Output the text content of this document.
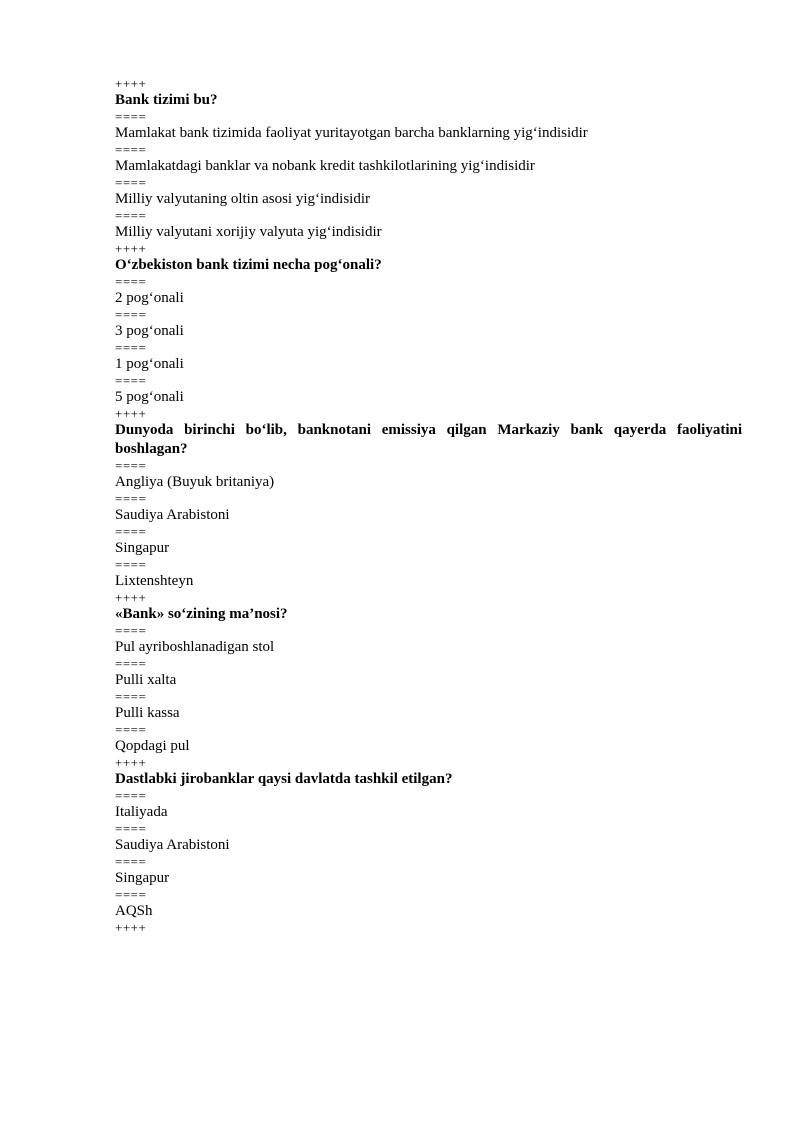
++++
Bank tizimi bu?
====
Mamlakat bank tizimida faoliyat yuritayotgan barcha banklarning yig‘indisidir
====
Mamlakatdagi banklar va nobank kredit tashkilotlarining yig‘indisidir
====
Milliy valyutaning oltin asosi yig‘indisidir
====
Milliy valyutani xorijiy valyuta yig‘indisidir
++++
O‘zbekiston bank tizimi necha pog‘onali?
====
2 pog‘onali
====
3 pog‘onali
====
1 pog‘onali
====
5 pog‘onali
++++
Dunyoda birinchi bo‘lib, banknotani emissiya qilgan Markaziy bank qayerda faoliyatini boshlagan?
====
Angliya (Buyuk britaniya)
====
Saudiya Arabistoni
====
Singapur
====
Lixtenshteyn
++++
«Bank» so‘zining ma’nosi?
====
Pul ayriboshlanadigan stol
====
Pulli xalta
====
Pulli kassa
====
Qopdagi pul
++++
Dastlabki jirobanklar qaysi davlatda tashkil etilgan?
====
Italiyada
====
Saudiya Arabistoni
====
Singapur
====
AQSh
++++
